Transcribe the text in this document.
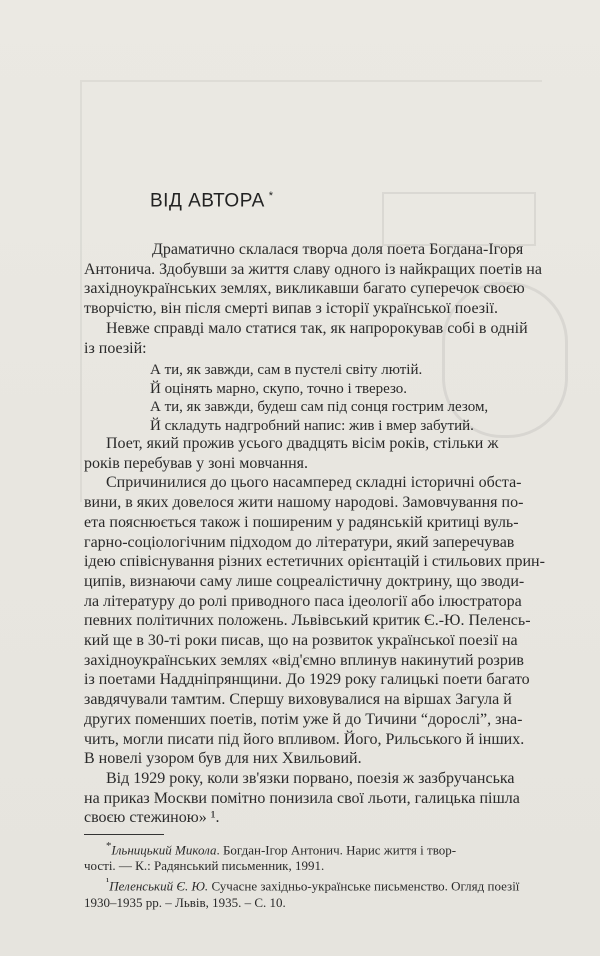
ВІД АВТОРА *
Драматично склалася творча доля поета Богдана-Ігоря
Антонича. Здобувши за життя славу одного із найкращих поетів на
західноукраїнських землях, викликавши багато суперечок своєю
творчістю, він після смерті випав з історії української поезії.
Невже справді мало статися так, як напророкував собі в одній
із поезій:
А ти, як завжди, сам в пустелі світу лютій.
Й оцінять марно, скупо, точно і тверезо.
А ти, як завжди, будеш сам під сонця гострим лезом,
Й складуть надгробний напис: жив і вмер забутий.
Поет, який прожив усього двадцять вісім років, стільки ж
років перебував у зоні мовчання.
Спричинилися до цього насамперед складні історичні обста-
вини, в яких довелося жити нашому народові. Замовчування по-
ета пояснюється також і поширеним у радянській критиці вуль-
гарно-соціологічним підходом до літератури, який заперечував
ідею співіснування різних естетичних орієнтацій і стильових прин-
ципів, визнаючи саму лише соцреалістичну доктрину, що зводи-
ла літературу до ролі приводного паса ідеології або ілюстратора
певних політичних положень. Львівський критик Є.-Ю. Пеленсь-
кий ще в 30-ті роки писав, що на розвиток української поезії на
західноукраїнських землях «від'ємно вплинув накинутий розрив
із поетами Наддніпрянщини. До 1929 року галицькі поети багато
завдячували тамтим. Спершу виховувалися на віршах Загула й
других поменших поетів, потім уже й до Тичини “дорослі”, зна-
чить, могли писати під його впливом. Його, Рильського й інших.
В новелі узором був для них Хвильовий.
Від 1929 року, коли зв'язки порвано, поезія ж зазбручанська
на приказ Москви помітно понизила свої льоти, галицька пішла
своєю стежиною» ¹.
*Ільницький Микола. Богдан-Ігор Антонич. Нарис життя і твор-
чості. — К.: Радянський письменник, 1991.
$^{^1}$Пеленський Є. Ю. Сучасне західньо-українське письменство. Огляд поезії
1930–1935 рр. – Львів, 1935. – С. 10.
